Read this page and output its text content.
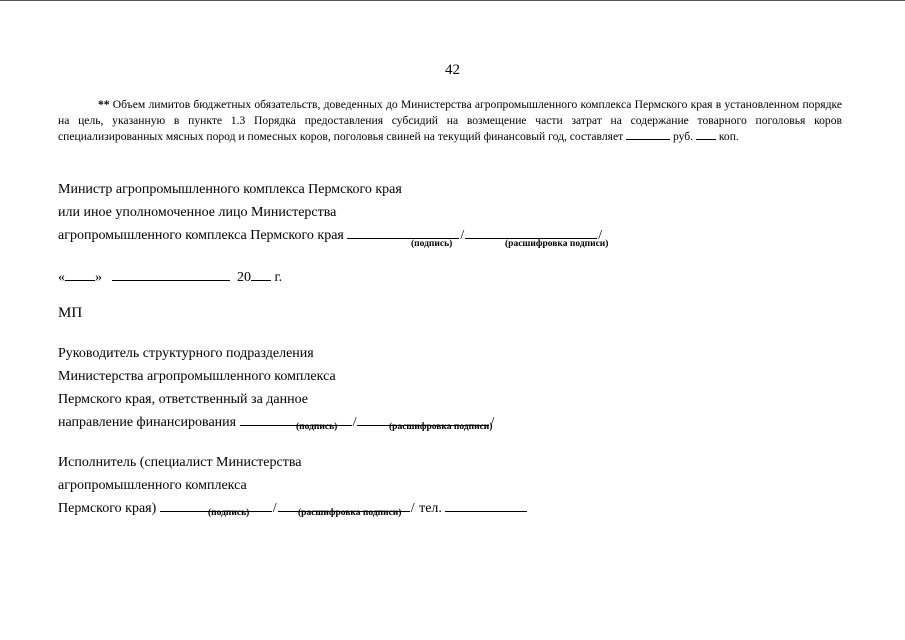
42

** Объем лимитов бюджетных обязательств, доведенных до Министерства агропромышленного комплекса Пермского края в установленном порядке на цель, указанную в пункте 1.3 Порядка предоставления субсидий на возмещение части затрат на содержание товарного поголовья коров специализированных мясных пород и помесных коров, поголовья свиней на текущий финансовый год, составляет	руб. коп.

Министр агропромышленного комплекса Пермского края
или иное уполномоченное лицо Министерства
агропромышленного комплекса Пермского края	/	/
(подпись)	(расшифровка подписи)
« »	20 г.
МП
Руководитель структурного подразделения
Министерства агропромышленного комплекса
Пермского края, ответственный за данное
направление финансирования	/	/
(подпись)	(расшифровка подписи)
Исполнитель (специалист Министерства
агропромышленного комплекса
Пермского края)	/	/ тел.
(подпись)	(расшифровка подписи)
